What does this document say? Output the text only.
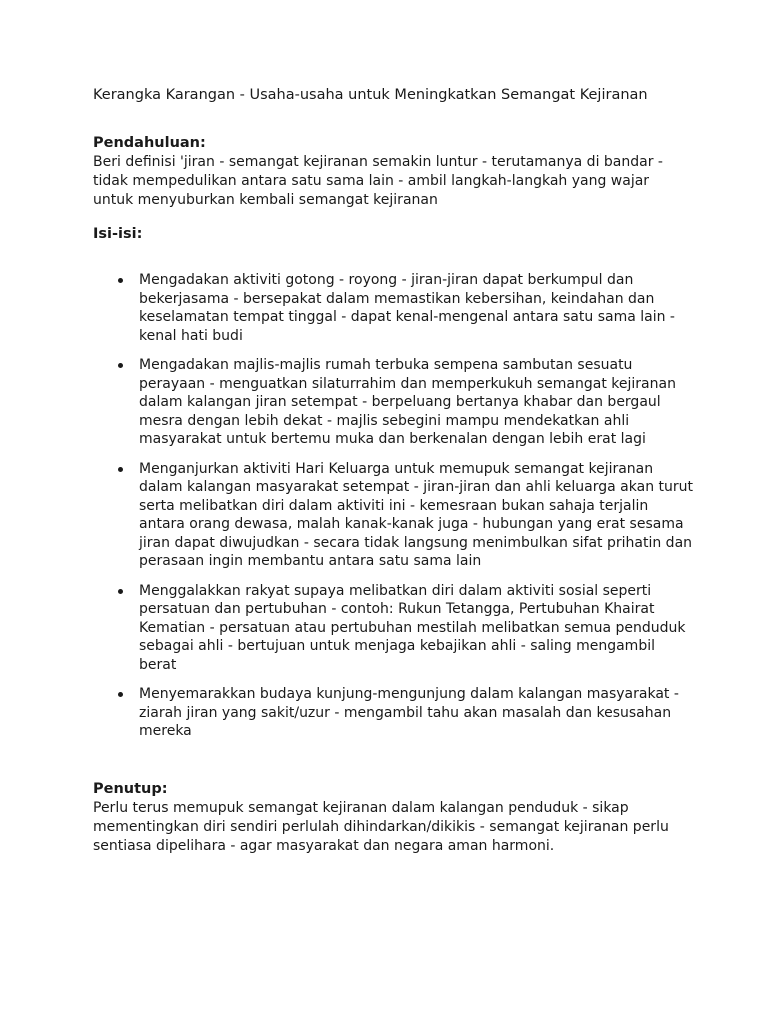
Kerangka Karangan - Usaha-usaha untuk Meningkatkan Semangat Kejiranan
Pendahuluan:

Beri definisi 'jiran - semangat kejiranan semakin luntur - terutamanya di bandar - tidak mempedulikan antara satu sama lain - ambil langkah-langkah yang wajar untuk menyuburkan kembali semangat kejiranan

Isi-isi:
Mengadakan aktiviti gotong - royong - jiran-jiran dapat berkumpul dan bekerjasama - bersepakat dalam memastikan kebersihan, keindahan dan keselamatan tempat tinggal - dapat kenal-mengenal antara satu sama lain - kenal hati budi
Mengadakan majlis-majlis rumah terbuka sempena sambutan sesuatu perayaan - menguatkan silaturrahim dan memperkukuh semangat kejiranan dalam kalangan jiran setempat - berpeluang bertanya khabar dan bergaul mesra dengan lebih dekat - majlis sebegini mampu mendekatkan ahli masyarakat untuk bertemu muka dan berkenalan dengan lebih erat lagi
Menganjurkan aktiviti Hari Keluarga untuk memupuk semangat kejiranan dalam kalangan masyarakat setempat - jiran-jiran dan ahli keluarga akan turut serta melibatkan diri dalam aktiviti ini - kemesraan bukan sahaja terjalin antara orang dewasa, malah kanak-kanak juga - hubungan yang erat sesama jiran dapat diwujudkan - secara tidak langsung menimbulkan sifat prihatin dan perasaan ingin membantu antara satu sama lain
Menggalakkan rakyat supaya melibatkan diri dalam aktiviti sosial seperti persatuan dan pertubuhan - contoh: Rukun Tetangga, Pertubuhan Khairat Kematian - persatuan atau pertubuhan mestilah melibatkan semua penduduk sebagai ahli - bertujuan untuk menjaga kebajikan ahli - saling mengambil berat
Menyemarakkan budaya kunjung-mengunjung dalam kalangan masyarakat - ziarah jiran yang sakit/uzur - mengambil tahu akan masalah dan kesusahan mereka
Penutup:

Perlu terus memupuk semangat kejiranan dalam kalangan penduduk - sikap mementingkan diri sendiri perlulah dihindarkan/dikikis - semangat kejiranan perlu sentiasa dipelihara - agar masyarakat dan negara aman harmoni.
